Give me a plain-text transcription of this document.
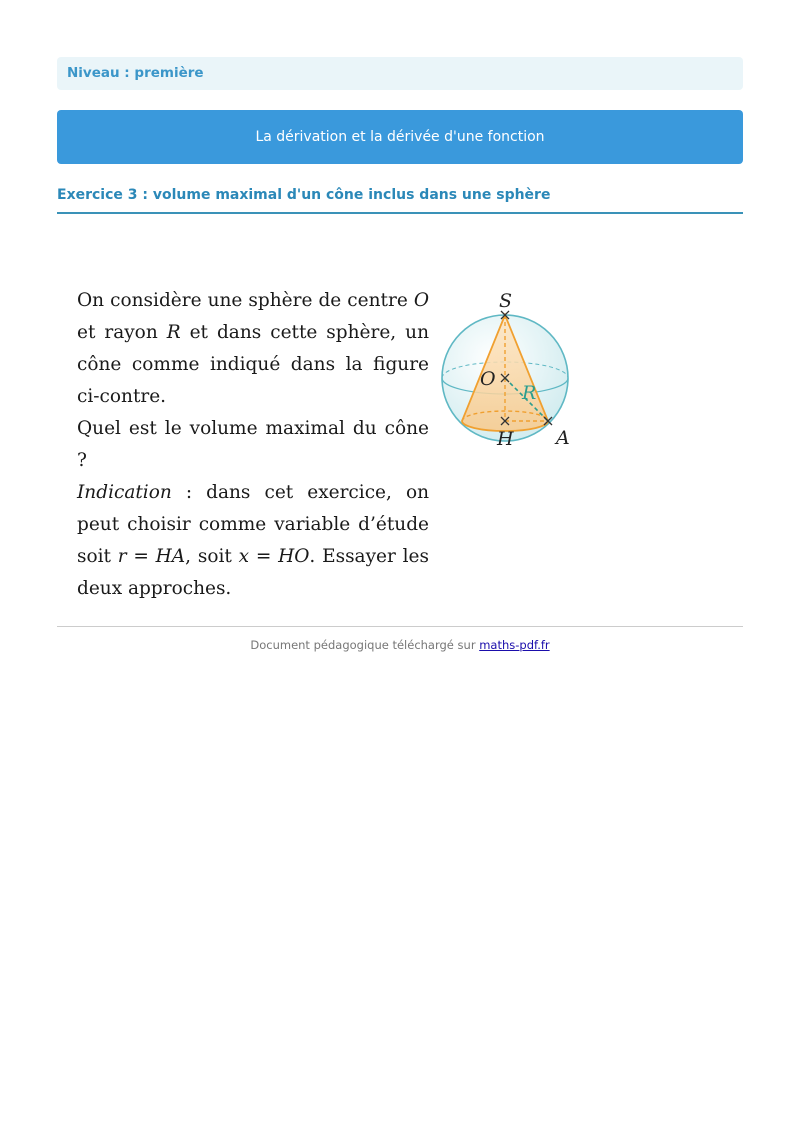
Niveau : première
La dérivation et la dérivée d'une fonction
Exercice 3 : volume maximal d'un cône inclus dans une sphère

On considère une sphère de centre O et rayon R et dans cette sphère, un cône comme indiqué dans la figure ci-contre.

Quel est le volume maximal du cône ?

Indication : dans cet exercice, on peut choisir comme variable d’étude soit r = HA, soit x = HO. Essayer les deux approches.

S
O
R
H A
Document pédagogique téléchargé sur maths-pdf.fr
